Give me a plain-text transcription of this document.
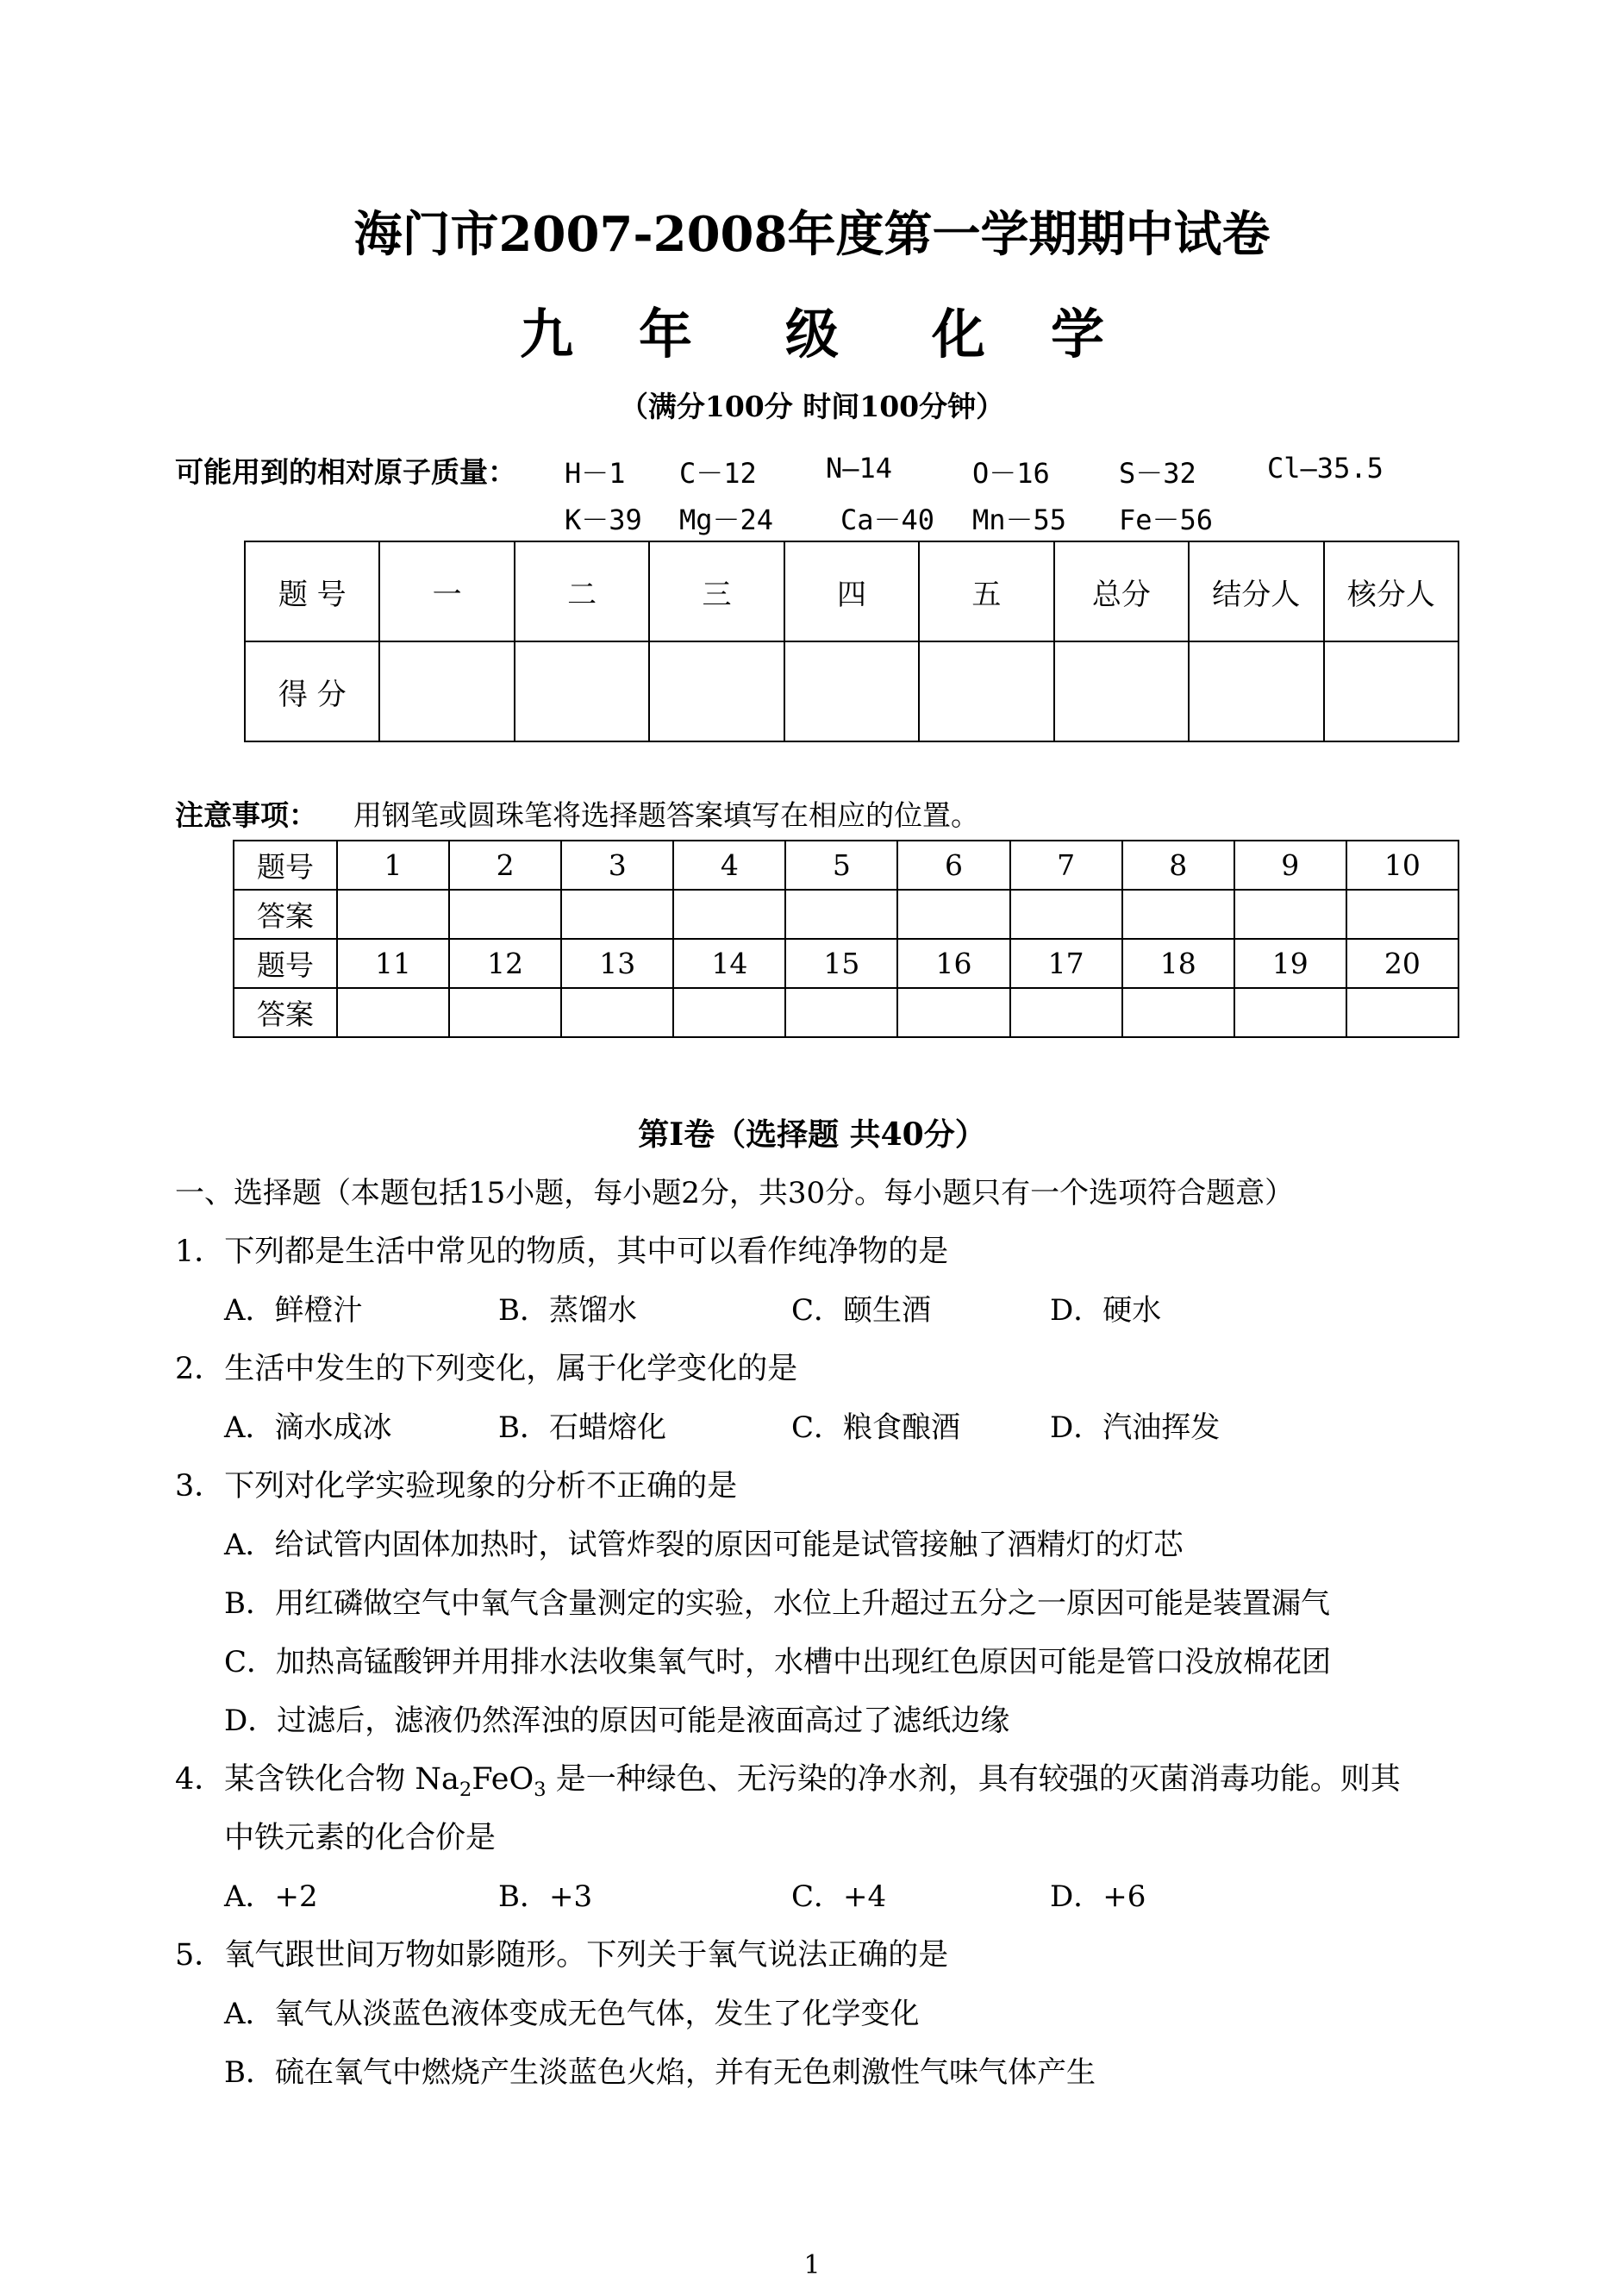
海门市2007-2008年度第一学期期中试卷
九 年 级 化 学
（满分100分 时间100分钟）
可能用到的相对原子质量： H－1 C－12	N—14	O－16	S－32	Cl—35.5
K－39 Mg－24 Ca－40 Mn－55 Fe－56
题 号	一	二	三	四	五	总分	结分人	核分人
得 分								
注意事项： 用钢笔或圆珠笔将选择题答案填写在相应的位置。
题号	1	2	3	4	5	6	7	8	9	10
答案										
题号	11	12	13	14	15	16	17	18	19	20
答案										
第Ⅰ卷（选择题 共40分）
一、选择题（本题包括15小题，每小题2分，共30分。每小题只有一个选项符合题意）
1．下列都是生活中常见的物质，其中可以看作纯净物的是
A．鲜橙汁	B．蒸馏水	C．颐生酒	D．硬水
2．生活中发生的下列变化，属于化学变化的是
A．滴水成冰	B．石蜡熔化	C．粮食酿酒	D．汽油挥发
3．下列对化学实验现象的分析不正确的是
A．给试管内固体加热时，试管炸裂的原因可能是试管接触了酒精灯的灯芯
B．用红磷做空气中氧气含量测定的实验，水位上升超过五分之一原因可能是装置漏气
C．加热高锰酸钾并用排水法收集氧气时，水槽中出现红色原因可能是管口没放棉花团
D．过滤后，滤液仍然浑浊的原因可能是液面高过了滤纸边缘
4．某含铁化合物 $Na_2FeO_3$ 是一种绿色、无污染的净水剂，具有较强的灭菌消毒功能。则其
中铁元素的化合价是
A．+2	B．+3	C．+4	D．+6
5．氧气跟世间万物如影随形。下列关于氧气说法正确的是
A．氧气从淡蓝色液体变成无色气体，发生了化学变化
B．硫在氧气中燃烧产生淡蓝色火焰，并有无色刺激性气味气体产生
1
